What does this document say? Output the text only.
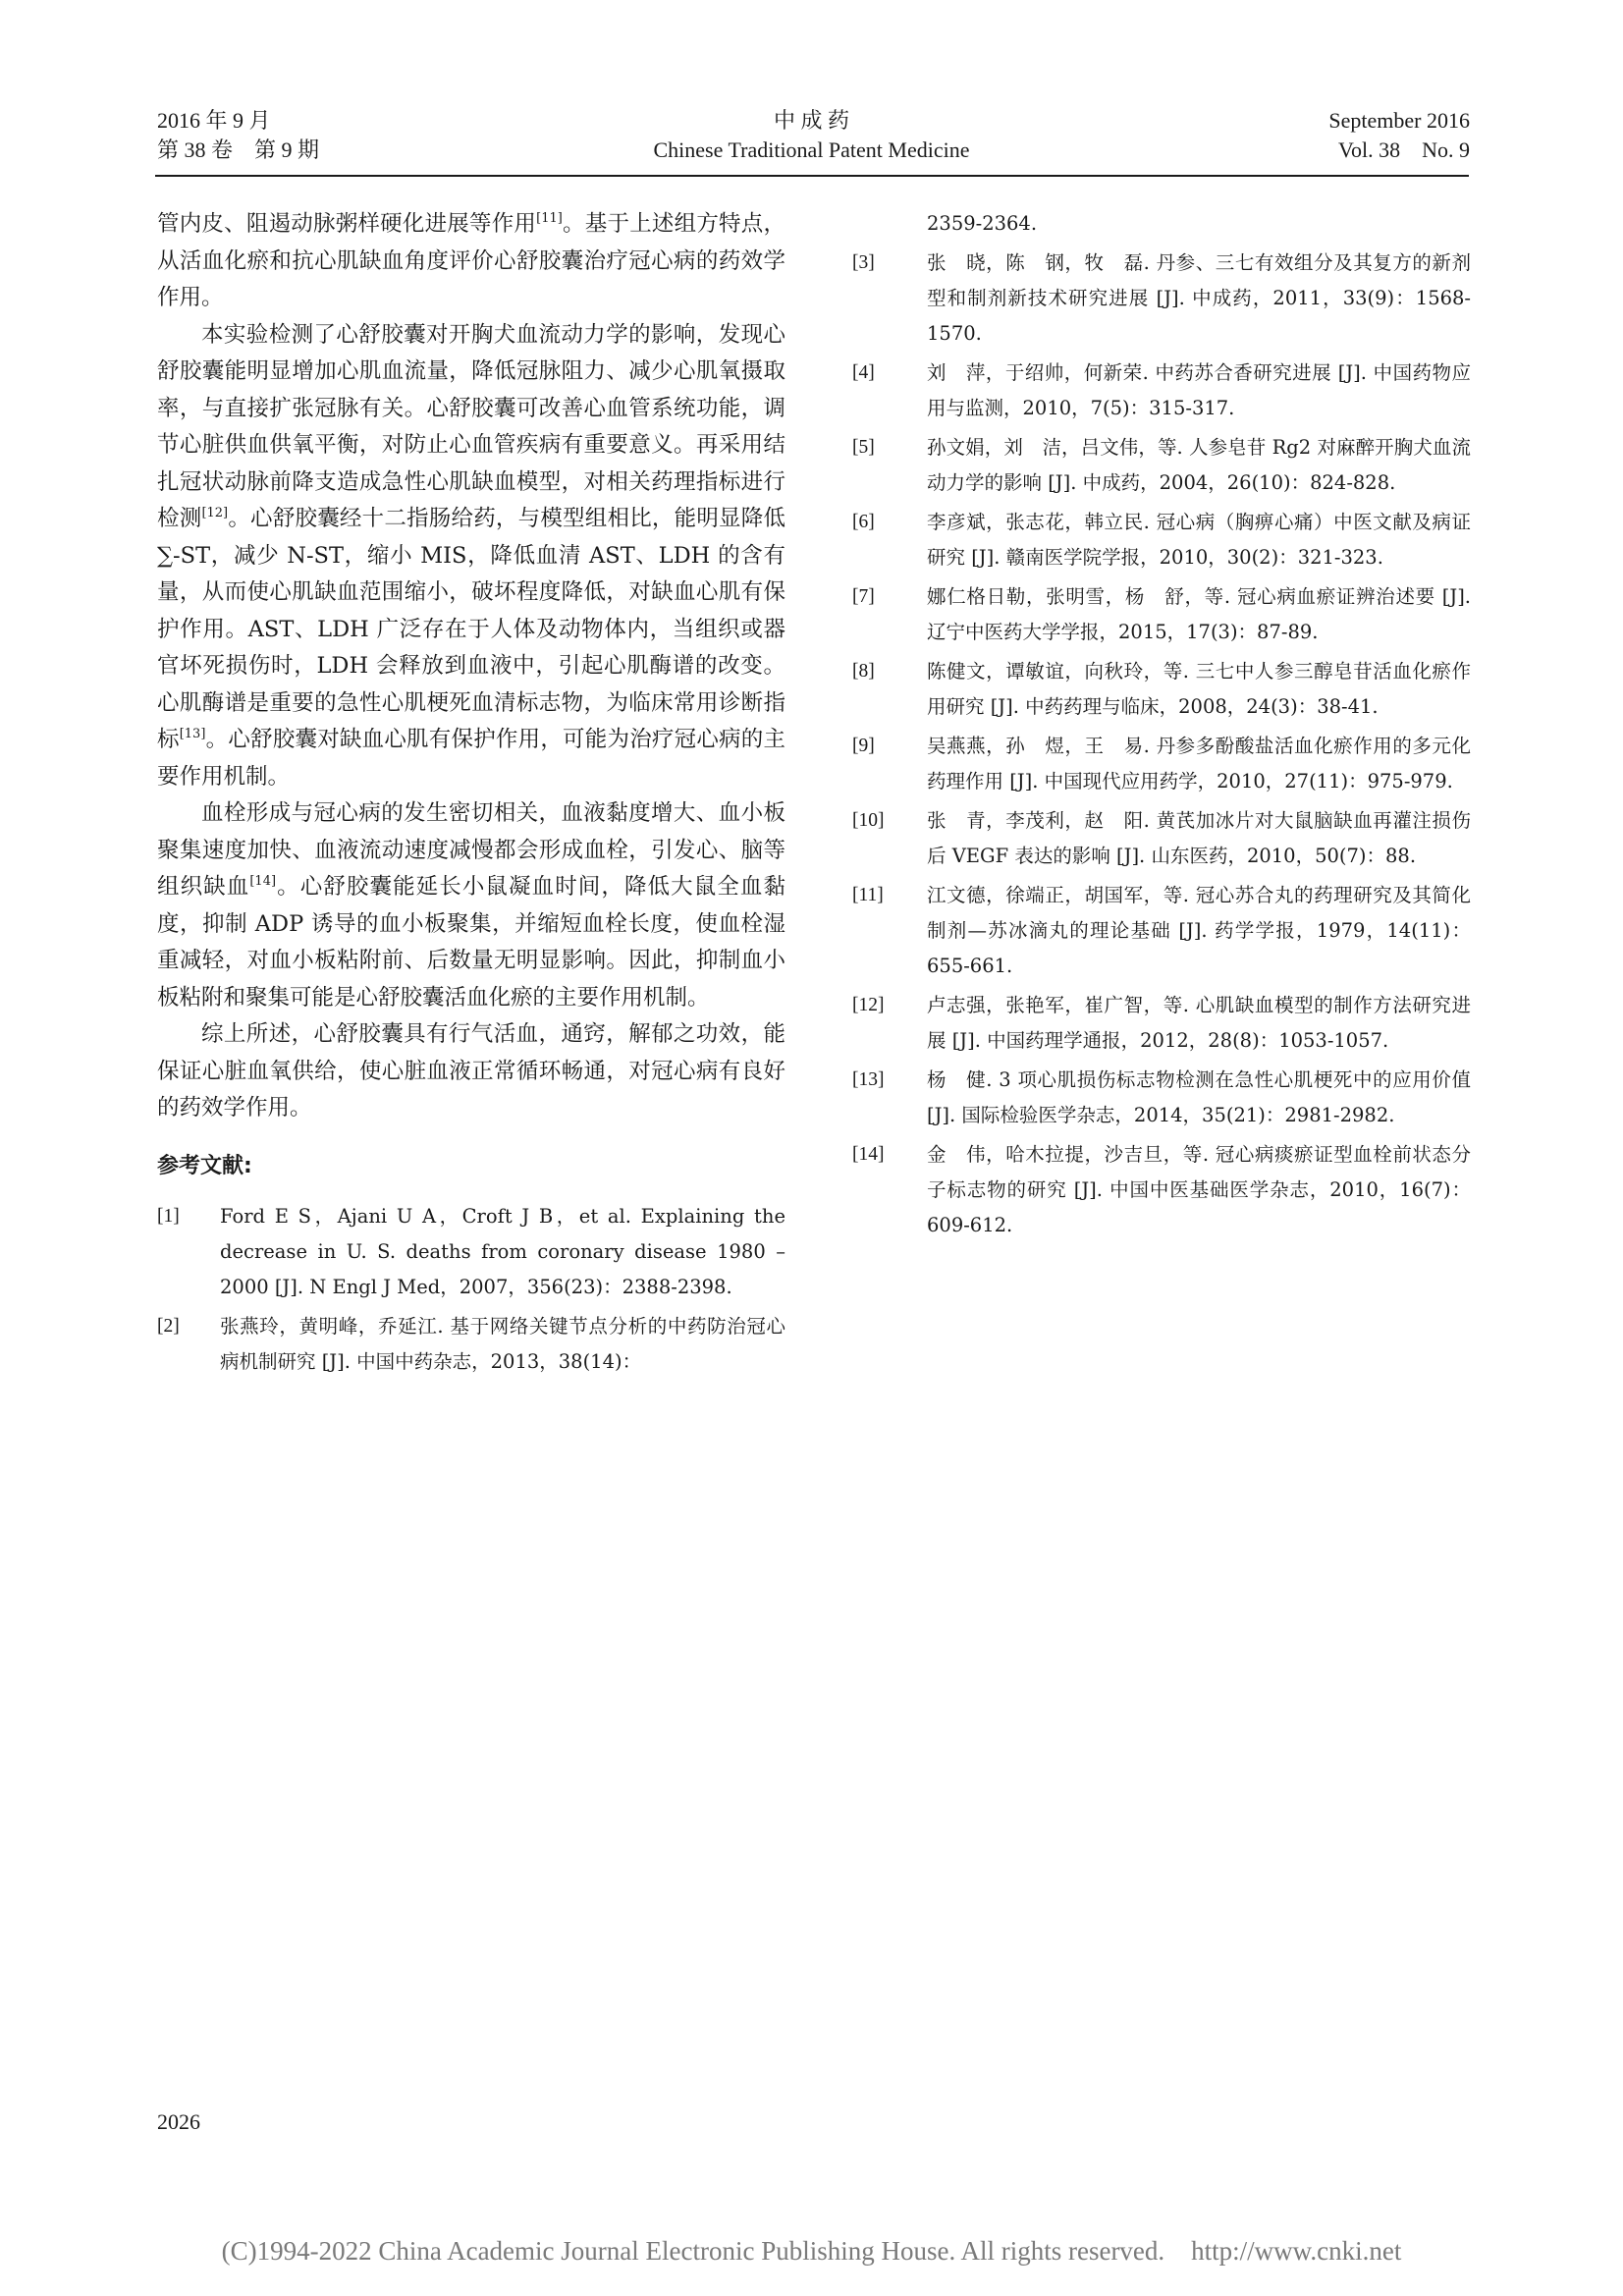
2016 年 9 月
第 38 卷　第 9 期
中 成 药
Chinese Traditional Patent Medicine
September 2016
Vol. 38　No. 9

管内皮、阻遏动脉粥样硬化进展等作用[11]。基于上述组方特点，从活血化瘀和抗心肌缺血角度评价心舒胶囊治疗冠心病的药效学作用。

本实验检测了心舒胶囊对开胸犬血流动力学的影响，发现心舒胶囊能明显增加心肌血流量，降低冠脉阻力、减少心肌氧摄取率，与直接扩张冠脉有关。心舒胶囊可改善心血管系统功能，调节心脏供血供氧平衡，对防止心血管疾病有重要意义。再采用结扎冠状动脉前降支造成急性心肌缺血模型，对相关药理指标进行检测[12]。心舒胶囊经十二指肠给药，与模型组相比，能明显降低∑-ST，减少 N-ST，缩小 MIS，降低血清 AST、LDH 的含有量，从而使心肌缺血范围缩小，破坏程度降低，对缺血心肌有保护作用。AST、LDH 广泛存在于人体及动物体内，当组织或器官坏死损伤时，LDH 会释放到血液中，引起心肌酶谱的改变。心肌酶谱是重要的急性心肌梗死血清标志物，为临床常用诊断指标[13]。心舒胶囊对缺血心肌有保护作用，可能为治疗冠心病的主要作用机制。

血栓形成与冠心病的发生密切相关，血液黏度增大、血小板聚集速度加快、血液流动速度减慢都会形成血栓，引发心、脑等组织缺血[14]。心舒胶囊能延长小鼠凝血时间，降低大鼠全血黏度，抑制 ADP 诱导的血小板聚集，并缩短血栓长度，使血栓湿重减轻，对血小板粘附前、后数量无明显影响。因此，抑制血小板粘附和聚集可能是心舒胶囊活血化瘀的主要作用机制。

综上所述，心舒胶囊具有行气活血，通窍，解郁之功效，能保证心脏血氧供给，使心脏血液正常循环畅通，对冠心病有良好的药效学作用。

参考文献:
[1]	Ford E S，Ajani U A，Croft J B，et al. Explaining the decrease in U. S. deaths from coronary disease 1980 – 2000 [J]. N Engl J Med，2007，356(23)：2388-2398.
[2]	张燕玲，黄明峰，乔延江. 基于网络关键节点分析的中药防治冠心病机制研究 [J]. 中国中药杂志，2013，38(14)：
2359-2364.
[3]	张　晓，陈　钢，牧　磊. 丹参、三七有效组分及其复方的新剂型和制剂新技术研究进展 [J]. 中成药，2011，33(9)：1568-1570.
[4]	刘　萍，于绍帅，何新荣. 中药苏合香研究进展 [J]. 中国药物应用与监测，2010，7(5)：315-317.
[5]	孙文娟，刘　洁，吕文伟，等. 人参皂苷 Rg2 对麻醉开胸犬血流动力学的影响 [J]. 中成药，2004，26(10)：824-828.
[6]	李彦斌，张志花，韩立民. 冠心病（胸痹心痛）中医文献及病证研究 [J]. 赣南医学院学报，2010，30(2)：321-323.
[7]	娜仁格日勒，张明雪，杨　舒，等. 冠心病血瘀证辨治述要 [J]. 辽宁中医药大学学报，2015，17(3)：87-89.
[8]	陈健文，谭敏谊，向秋玲，等. 三七中人参三醇皂苷活血化瘀作用研究 [J]. 中药药理与临床，2008，24(3)：38-41.
[9]	吴燕燕，孙　煜，王　易. 丹参多酚酸盐活血化瘀作用的多元化药理作用 [J]. 中国现代应用药学，2010，27(11)：975-979.
[10]	张　青，李茂利，赵　阳. 黄芪加冰片对大鼠脑缺血再灌注损伤后 VEGF 表达的影响 [J]. 山东医药，2010，50(7)：88.
[11]	江文德，徐端正，胡国军，等. 冠心苏合丸的药理研究及其简化制剂—苏冰滴丸的理论基础 [J]. 药学学报，1979，14(11)：655-661.
[12]	卢志强，张艳军，崔广智，等. 心肌缺血模型的制作方法研究进展 [J]. 中国药理学通报，2012，28(8)：1053-1057.
[13]	杨　健. 3 项心肌损伤标志物检测在急性心肌梗死中的应用价值 [J]. 国际检验医学杂志，2014，35(21)：2981-2982.
[14]	金　伟，哈木拉提，沙吉旦，等. 冠心病痰瘀证型血栓前状态分子标志物的研究 [J]. 中国中医基础医学杂志，2010，16(7)：609-612.
2026
(C)1994-2022 China Academic Journal Electronic Publishing House. All rights reserved.　http://www.cnki.net
